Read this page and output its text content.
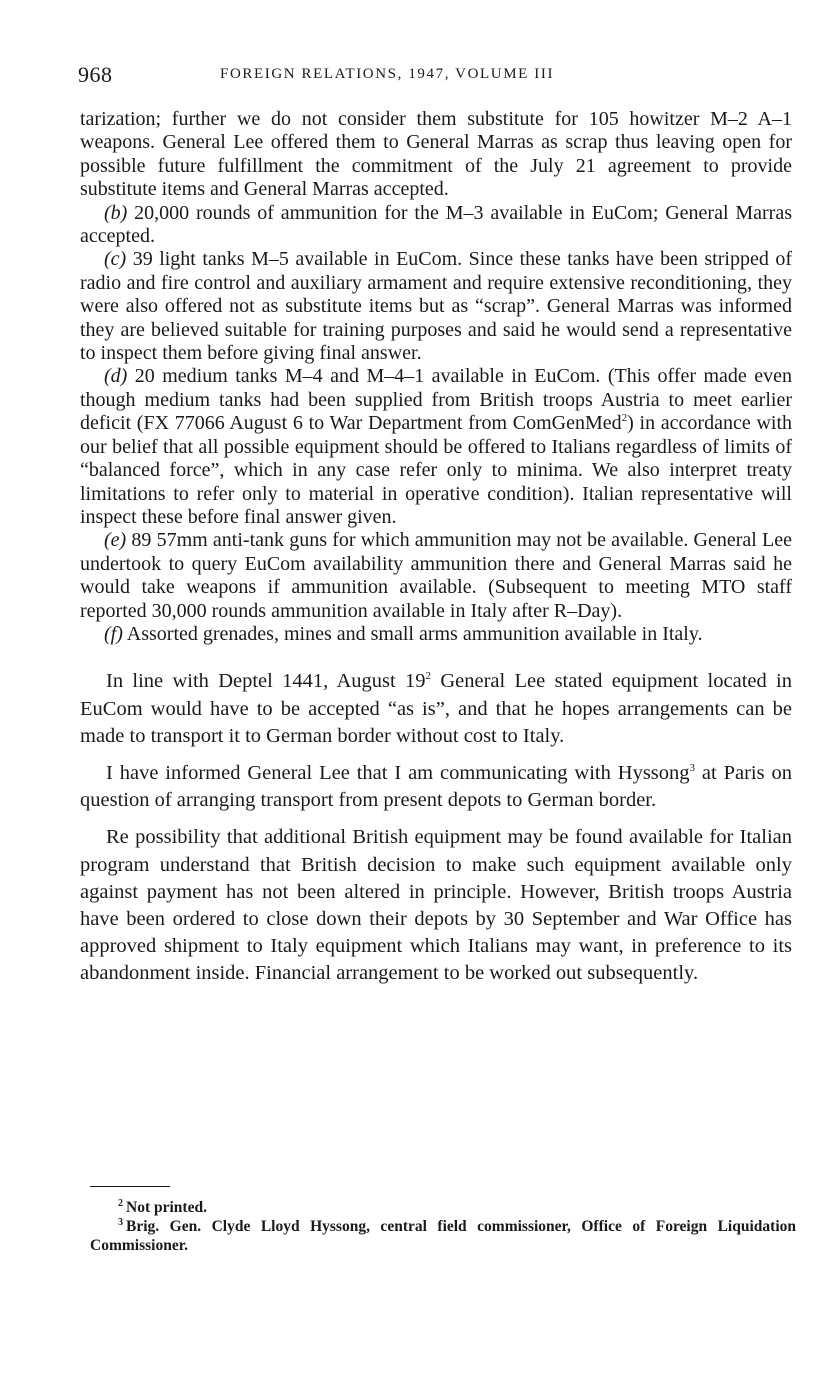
968	FOREIGN RELATIONS, 1947, VOLUME III

tarization; further we do not consider them substitute for 105 howitzer M–2 A–1 weapons. General Lee offered them to General Marras as scrap thus leaving open for possible future fulfillment the commitment of the July 21 agreement to provide substitute items and General Marras accepted.

(b) 20,000 rounds of ammunition for the M–3 available in EuCom; General Marras accepted.

(c) 39 light tanks M–5 available in EuCom. Since these tanks have been stripped of radio and fire control and auxiliary armament and require extensive reconditioning, they were also offered not as substitute items but as “scrap”. General Marras was informed they are believed suitable for training purposes and said he would send a representative to inspect them before giving final answer.

(d) 20 medium tanks M–4 and M–4–1 available in EuCom. (This offer made even though medium tanks had been supplied from British troops Austria to meet earlier deficit (FX 77066 August 6 to War Department from ComGenMed$^2$) in accordance with our belief that all possible equipment should be offered to Italians regardless of limits of “balanced force”, which in any case refer only to minima. We also interpret treaty limitations to refer only to material in operative condition). Italian representative will inspect these before final answer given.

(e) 89 57mm anti-tank guns for which ammunition may not be available. General Lee undertook to query EuCom availability ammunition there and General Marras said he would take weapons if ammunition available. (Subsequent to meeting MTO staff reported 30,000 rounds ammunition available in Italy after R–Day).

(f) Assorted grenades, mines and small arms ammunition available in Italy.

In line with Deptel 1441, August 19$^2$ General Lee stated equipment located in EuCom would have to be accepted “as is”, and that he hopes arrangements can be made to transport it to German border without cost to Italy.

I have informed General Lee that I am communicating with Hyssong$^3$ at Paris on question of arranging transport from present depots to German border.

Re possibility that additional British equipment may be found available for Italian program understand that British decision to make such equipment available only against payment has not been altered in principle. However, British troops Austria have been ordered to close down their depots by 30 September and War Office has approved shipment to Italy equipment which Italians may want, in preference to its abandonment inside. Financial arrangement to be worked out subsequently.

$^2$ Not printed.

$^3$ Brig. Gen. Clyde Lloyd Hyssong, central field commissioner, Office of Foreign Liquidation Commissioner.
